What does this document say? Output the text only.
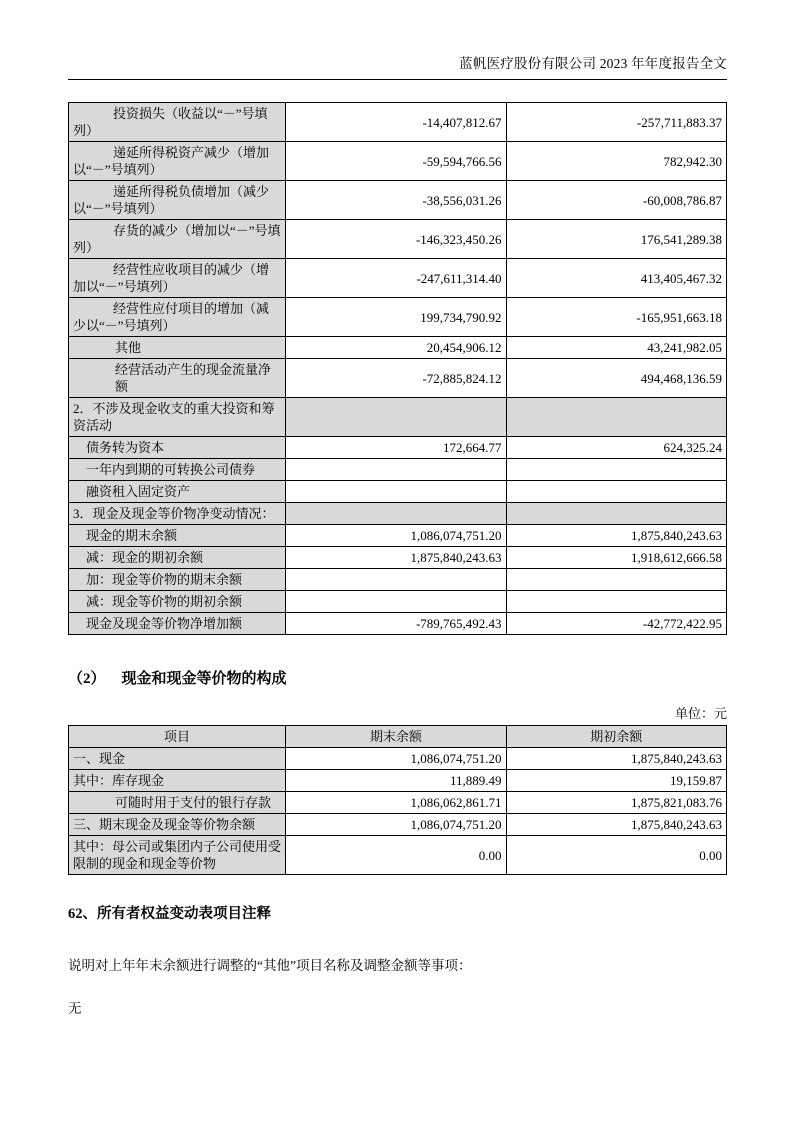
蓝帆医疗股份有限公司 2023 年年度报告全文
投资损失（收益以“－”号填列）	-14,407,812.67	-257,711,883.37
递延所得税资产减少（增加以“－”号填列）	-59,594,766.56	782,942.30
递延所得税负债增加（减少以“－”号填列）	-38,556,031.26	-60,008,786.87
存货的减少（增加以“－”号填列）	-146,323,450.26	176,541,289.38
经营性应收项目的减少（增加以“－”号填列）	-247,611,314.40	413,405,467.32
经营性应付项目的增加（减少以“－”号填列）	199,734,790.92	-165,951,663.18
其他	20,454,906.12	43,241,982.05
经营活动产生的现金流量净额	-72,885,824.12	494,468,136.59
2．不涉及现金收支的重大投资和筹资活动		
债务转为资本	172,664.77	624,325.24
一年内到期的可转换公司债券		
融资租入固定资产		
3．现金及现金等价物净变动情况：		
现金的期末余额	1,086,074,751.20	1,875,840,243.63
减：现金的期初余额	1,875,840,243.63	1,918,612,666.58
加：现金等价物的期末余额		
减：现金等价物的期初余额		
现金及现金等价物净增加额	-789,765,492.43	-42,772,422.95
（2） 现金和现金等价物的构成
单位：元
项目	期末余额	期初余额
一、现金	1,086,074,751.20	1,875,840,243.63
其中：库存现金	11,889.49	19,159.87
可随时用于支付的银行存款	1,086,062,861.71	1,875,821,083.76
三、期末现金及现金等价物余额	1,086,074,751.20	1,875,840,243.63
其中：母公司或集团内子公司使用受限制的现金和现金等价物	0.00	0.00
62、所有者权益变动表项目注释
说明对上年年末余额进行调整的“其他”项目名称及调整金额等事项：
无
